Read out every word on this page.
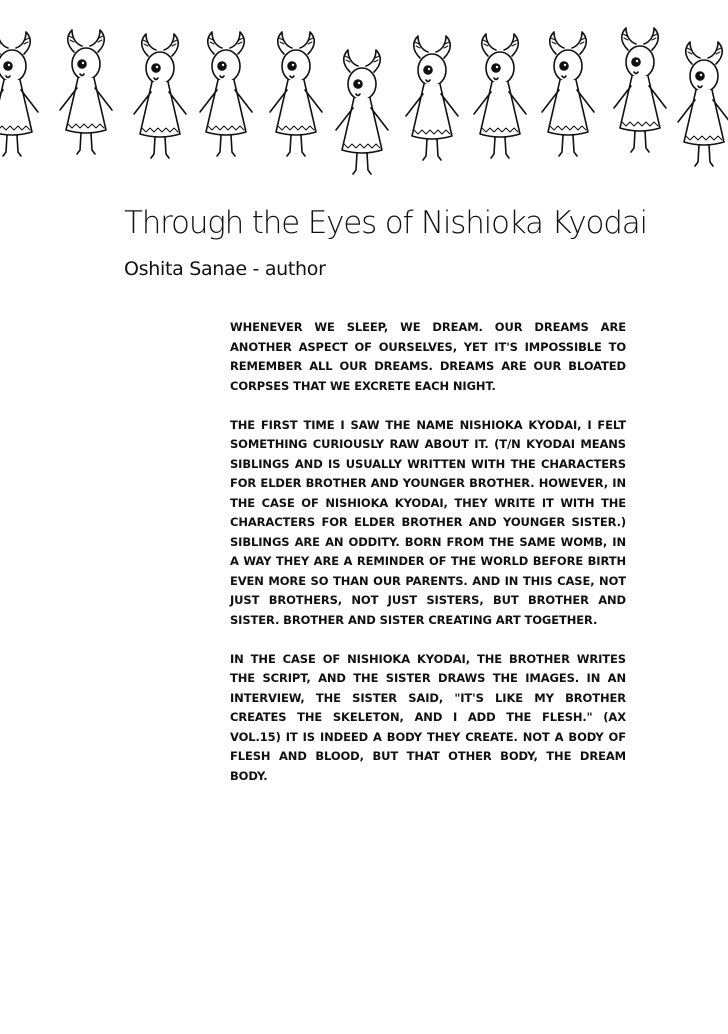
Through the Eyes of Nishioka Kyodai
Oshita Sanae - author

WHENEVER WE SLEEP, WE DREAM. OUR DREAMS ARE ANOTHER ASPECT OF OURSELVES, YET IT'S IMPOSSIBLE TO REMEMBER ALL OUR DREAMS. DREAMS ARE OUR BLOATED CORPSES THAT WE EXCRETE EACH NIGHT.

THE FIRST TIME I SAW THE NAME NISHIOKA KYODAI, I FELT SOMETHING CURIOUSLY RAW ABOUT IT. (T/N KYODAI MEANS SIBLINGS AND IS USUALLY WRITTEN WITH THE CHARACTERS FOR ELDER BROTHER AND YOUNGER BROTHER. HOWEVER, IN THE CASE OF NISHIOKA KYODAI, THEY WRITE IT WITH THE CHARACTERS FOR ELDER BROTHER AND YOUNGER SISTER.) SIBLINGS ARE AN ODDITY. BORN FROM THE SAME WOMB, IN A WAY THEY ARE A REMINDER OF THE WORLD BEFORE BIRTH EVEN MORE SO THAN OUR PARENTS. AND IN THIS CASE, NOT JUST BROTHERS, NOT JUST SISTERS, BUT BROTHER AND SISTER. BROTHER AND SISTER CREATING ART TOGETHER.

IN THE CASE OF NISHIOKA KYODAI, THE BROTHER WRITES THE SCRIPT, AND THE SISTER DRAWS THE IMAGES. IN AN INTERVIEW, THE SISTER SAID, "IT'S LIKE MY BROTHER CREATES THE SKELETON, AND I ADD THE FLESH." (AX VOL.15) IT IS INDEED A BODY THEY CREATE. NOT A BODY OF FLESH AND BLOOD, BUT THAT OTHER BODY, THE DREAM BODY.
